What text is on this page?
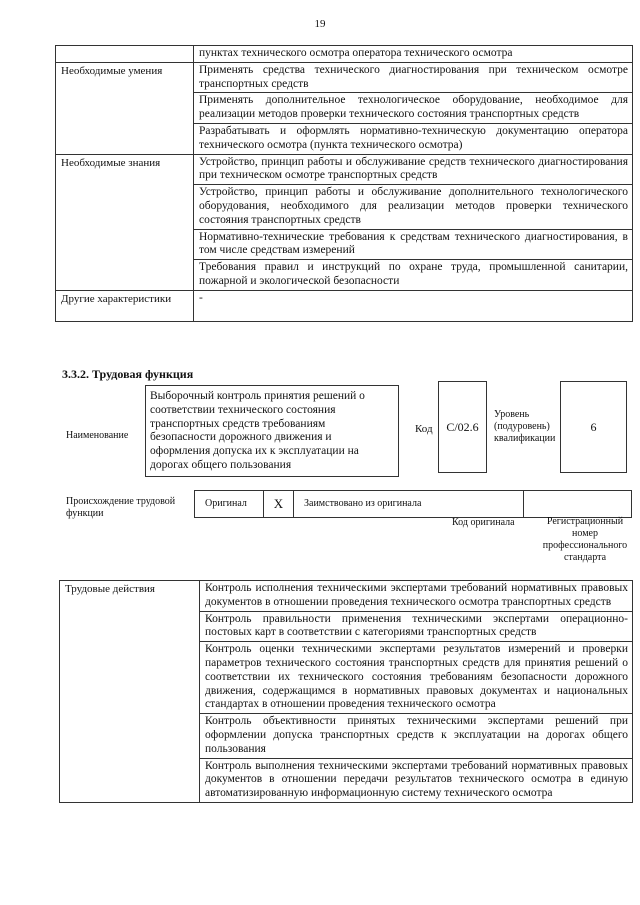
19
	пунктах технического осмотра оператора технического осмотра
Необходимые умения	Применять средства технического диагностирования при техническом осмотре транспортных средств
	Применять дополнительное технологическое оборудование, необходимое для реализации методов проверки технического состояния транспортных средств
	Разрабатывать и оформлять нормативно-техническую документацию оператора технического осмотра (пункта технического осмотра)
Необходимые знания	Устройство, принцип работы и обслуживание средств технического диагностирования при техническом осмотре транспортных средств
	Устройство, принцип работы и обслуживание дополнительного технологического оборудования, необходимого для реализации методов проверки технического состояния транспортных средств
	Нормативно-технические требования к средствам технического диагностирования, в том числе средствам измерений
	Требования правил и инструкций по охране труда, промышленной санитарии, пожарной и экологической безопасности
Другие характеристики	-
3.3.2. Трудовая функция
Наименование
Выборочный контроль принятия решений о соответствии технического состояния транспортных средств требованиям безопасности дорожного движения и оформления допуска их к эксплуатации на дорогах общего пользования
Код	C/02.6
Уровень (подуровень) квалификации
6
Происхождение трудовой функции
Оригинал	X	Заимствовано из оригинала
Код оригинала	Регистрационный номер профессионального стандарта
Трудовые действия	Контроль исполнения техническими экспертами требований нормативных правовых документов в отношении проведения технического осмотра транспортных средств
Контроль правильности применения техническими экспертами операционно-постовых карт в соответствии с категориями транспортных средств
Контроль оценки техническими экспертами результатов измерений и проверки параметров технического состояния транспортных средств для принятия решений о соответствии их технического состояния требованиям безопасности дорожного движения, содержащимся в нормативных правовых документах и национальных стандартах в отношении проведения технического осмотра
Контроль объективности принятых техническими экспертами решений при оформлении допуска транспортных средств к эксплуатации на дорогах общего пользования
Контроль выполнения техническими экспертами требований нормативных правовых документов в отношении передачи результатов технического осмотра в единую автоматизированную информационную систему технического осмотра
